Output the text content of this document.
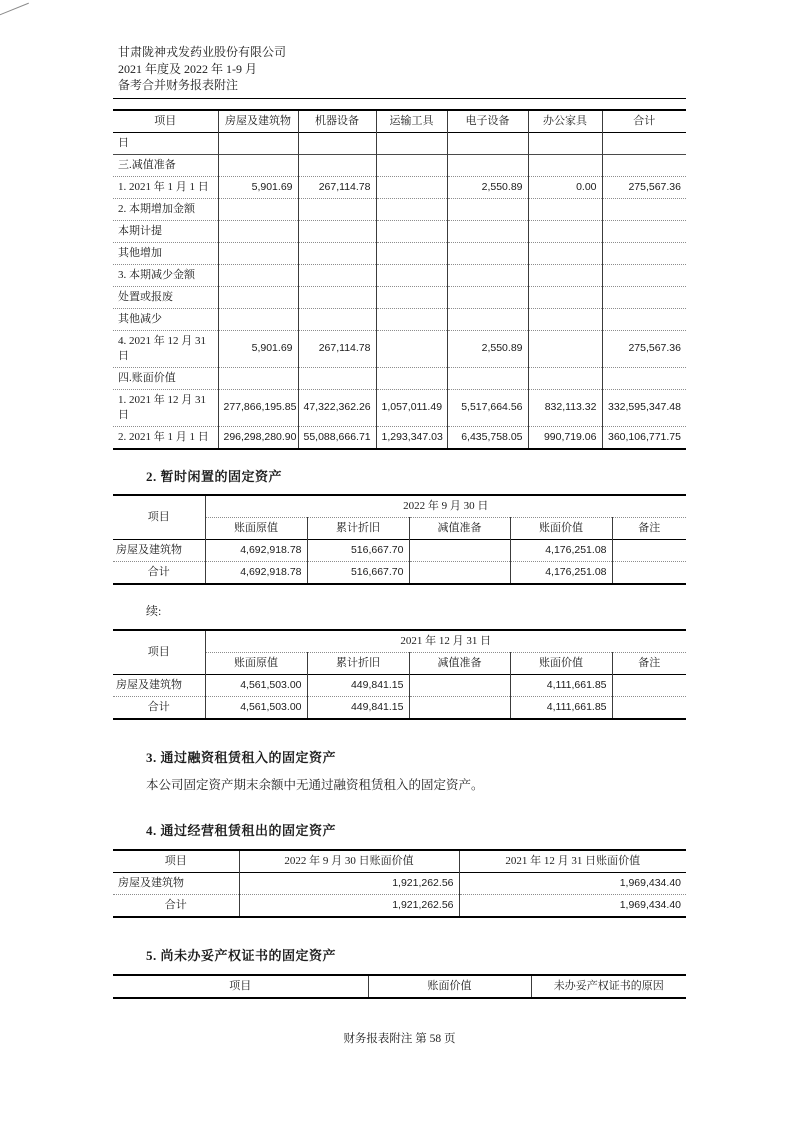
甘肃陇神戎发药业股份有限公司
2021 年度及 2022 年 1-9 月
备考合并财务报表附注
项目	房屋及建筑物	机器设备	运输工具	电子设备	办公家具	合计
日						
三.减值准备						
1. 2021 年 1 月 1 日	5,901.69	267,114.78		2,550.89	0.00	275,567.36
2. 本期增加金额						
本期计提						
其他增加						
3. 本期减少金额						
处置或报废						
其他减少						
4. 2021 年 12 月 31 日	5,901.69	267,114.78		2,550.89		275,567.36
四.账面价值						
1. 2021 年 12 月 31 日	277,866,195.85	47,322,362.26	1,057,011.49	5,517,664.56	832,113.32	332,595,347.48
2. 2021 年 1 月 1 日	296,298,280.90	55,088,666.71	1,293,347.03	6,435,758.05	990,719.06	360,106,771.75
2. 暂时闲置的固定资产
项目	2022 年 9 月 30 日				
	账面原值	累计折旧	减值准备	账面价值	备注
房屋及建筑物	4,692,918.78	516,667.70		4,176,251.08	
合计	4,692,918.78	516,667.70		4,176,251.08	
续:
项目	2021 年 12 月 31 日				
	账面原值	累计折旧	减值准备	账面价值	备注
房屋及建筑物	4,561,503.00	449,841.15		4,111,661.85	
合计	4,561,503.00	449,841.15		4,111,661.85	
3. 通过融资租赁租入的固定资产
本公司固定资产期末余额中无通过融资租赁租入的固定资产。
4. 通过经营租赁租出的固定资产
项目	2022 年 9 月 30 日账面价值	2021 年 12 月 31 日账面价值
房屋及建筑物	1,921,262.56	1,969,434.40
合计	1,921,262.56	1,969,434.40
5. 尚未办妥产权证书的固定资产
项目	账面价值	未办妥产权证书的原因
财务报表附注 第 58 页
